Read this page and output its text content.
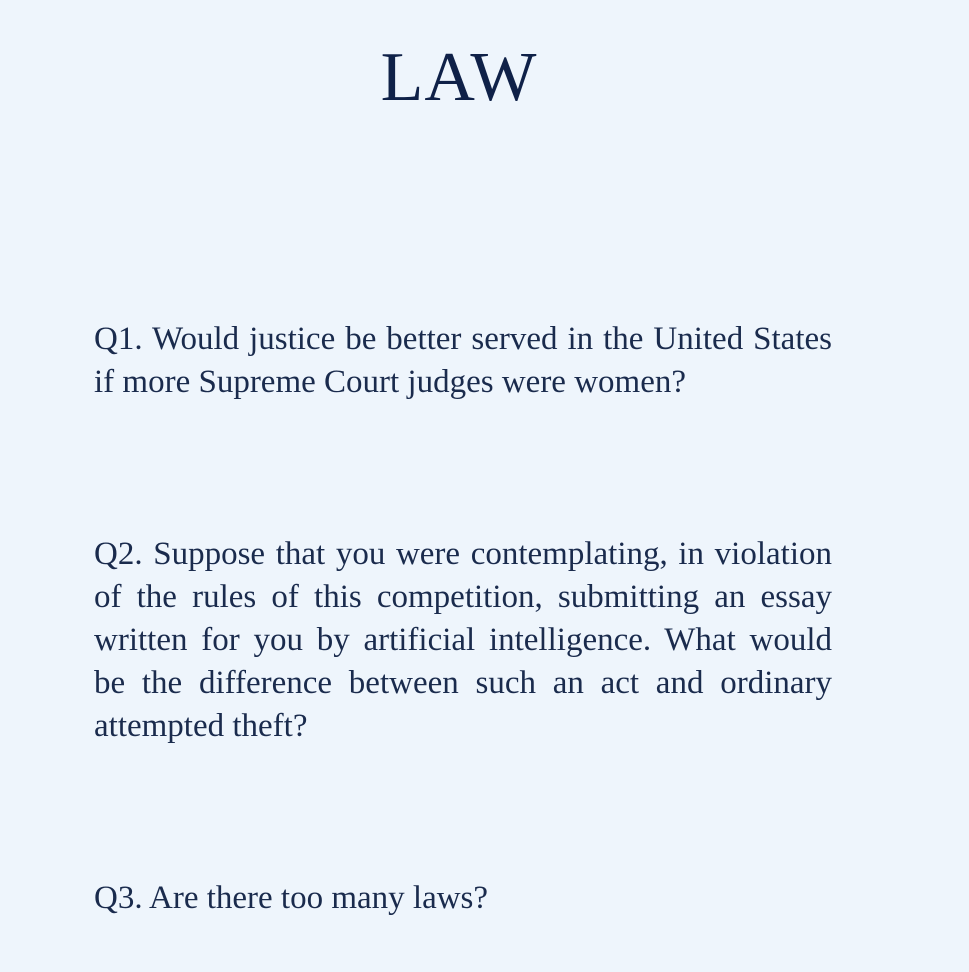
LAW

Q1. Would justice be better served in the United States if more Supreme Court judges were women?

Q2. Suppose that you were contemplating, in violation of the rules of this competition, submitting an essay written for you by artificial intelligence. What would be the difference between such an act and ordinary attempted theft?

Q3. Are there too many laws?
